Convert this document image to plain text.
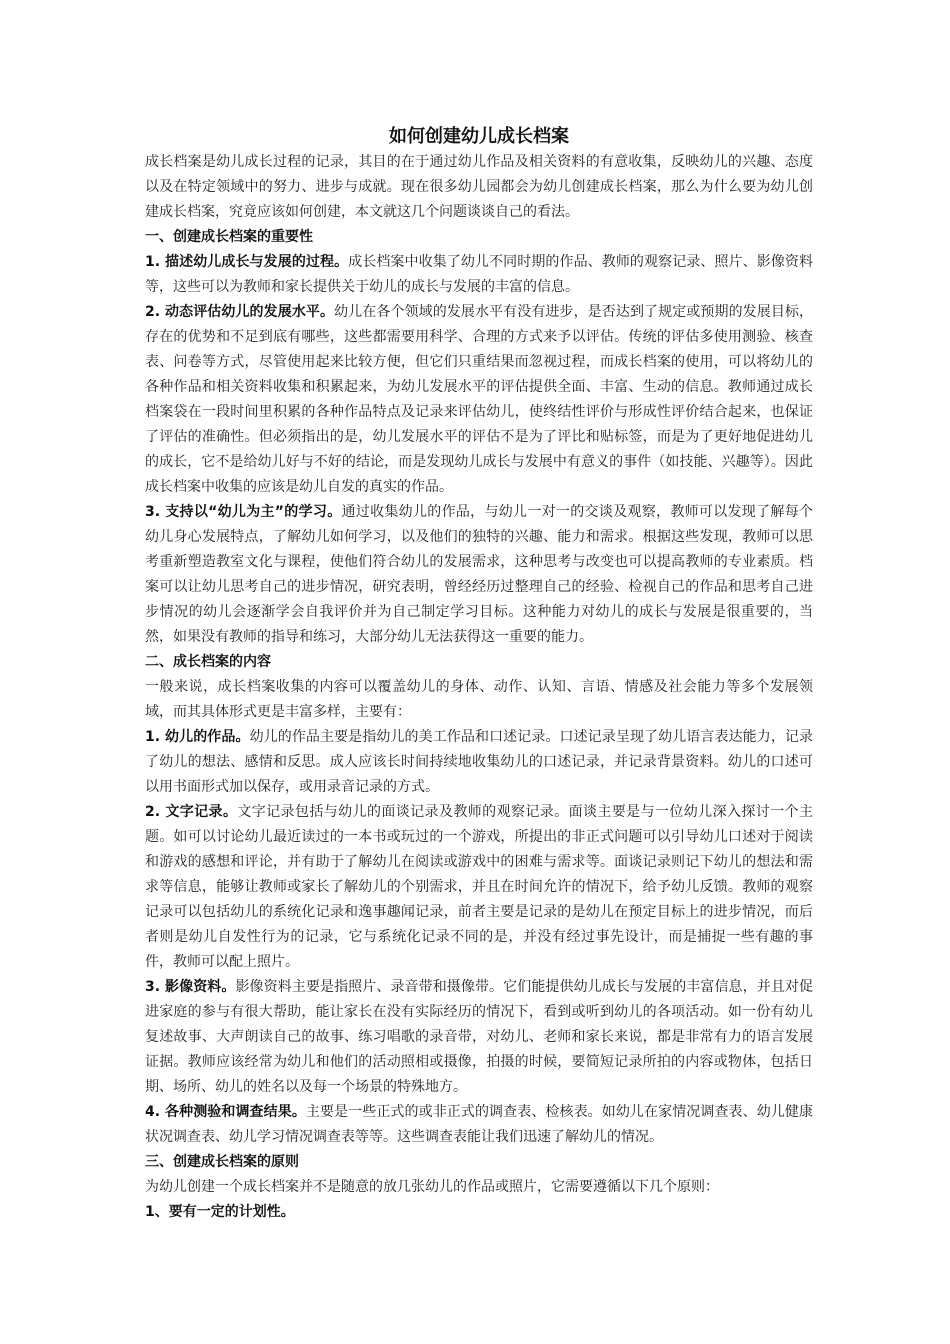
如何创建幼儿成长档案

成长档案是幼儿成长过程的记录，其目的在于通过幼儿作品及相关资料的有意收集，反映幼儿的兴趣、态度以及在特定领域中的努力、进步与成就。现在很多幼儿园都会为幼儿创建成长档案，那么为什么要为幼儿创建成长档案，究竟应该如何创建，本文就这几个问题谈谈自己的看法。

一、创建成长档案的重要性

1. 描述幼儿成长与发展的过程。成长档案中收集了幼儿不同时期的作品、教师的观察记录、照片、影像资料等，这些可以为教师和家长提供关于幼儿的成长与发展的丰富的信息。

2. 动态评估幼儿的发展水平。幼儿在各个领域的发展水平有没有进步，是否达到了规定或预期的发展目标，存在的优势和不足到底有哪些，这些都需要用科学、合理的方式来予以评估。传统的评估多使用测验、核查表、问卷等方式，尽管使用起来比较方便，但它们只重结果而忽视过程，而成长档案的使用，可以将幼儿的各种作品和相关资料收集和积累起来，为幼儿发展水平的评估提供全面、丰富、生动的信息。教师通过成长档案袋在一段时间里积累的各种作品特点及记录来评估幼儿，使终结性评价与形成性评价结合起来，也保证了评估的准确性。但必须指出的是，幼儿发展水平的评估不是为了评比和贴标签，而是为了更好地促进幼儿的成长，它不是给幼儿好与不好的结论，而是发现幼儿成长与发展中有意义的事件（如技能、兴趣等）。因此成长档案中收集的应该是幼儿自发的真实的作品。

3. 支持以“幼儿为主”的学习。通过收集幼儿的作品，与幼儿一对一的交谈及观察，教师可以发现了解每个幼儿身心发展特点，了解幼儿如何学习，以及他们的独特的兴趣、能力和需求。根据这些发现，教师可以思考重新塑造教室文化与课程，使他们符合幼儿的发展需求，这种思考与改变也可以提高教师的专业素质。档案可以让幼儿思考自己的进步情况，研究表明，曾经经历过整理自己的经验、检视自己的作品和思考自己进步情况的幼儿会逐渐学会自我评价并为自己制定学习目标。这种能力对幼儿的成长与发展是很重要的，当然，如果没有教师的指导和练习，大部分幼儿无法获得这一重要的能力。

二、成长档案的内容

一般来说，成长档案收集的内容可以覆盖幼儿的身体、动作、认知、言语、情感及社会能力等多个发展领域，而其具体形式更是丰富多样，主要有：

1. 幼儿的作品。幼儿的作品主要是指幼儿的美工作品和口述记录。口述记录呈现了幼儿语言表达能力，记录了幼儿的想法、感情和反思。成人应该长时间持续地收集幼儿的口述记录，并记录背景资料。幼儿的口述可以用书面形式加以保存，或用录音记录的方式。

2. 文字记录。文字记录包括与幼儿的面谈记录及教师的观察记录。面谈主要是与一位幼儿深入探讨一个主题。如可以讨论幼儿最近读过的一本书或玩过的一个游戏，所提出的非正式问题可以引导幼儿口述对于阅读和游戏的感想和评论，并有助于了解幼儿在阅读或游戏中的困难与需求等。面谈记录则记下幼儿的想法和需求等信息，能够让教师或家长了解幼儿的个别需求，并且在时间允许的情况下，给予幼儿反馈。教师的观察记录可以包括幼儿的系统化记录和逸事趣闻记录，前者主要是记录的是幼儿在预定目标上的进步情况，而后者则是幼儿自发性行为的记录，它与系统化记录不同的是，并没有经过事先设计，而是捕捉一些有趣的事件，教师可以配上照片。

3. 影像资料。影像资料主要是指照片、录音带和摄像带。它们能提供幼儿成长与发展的丰富信息，并且对促进家庭的参与有很大帮助，能让家长在没有实际经历的情况下，看到或听到幼儿的各项活动。如一份有幼儿复述故事、大声朗读自己的故事、练习唱歌的录音带，对幼儿、老师和家长来说，都是非常有力的语言发展证据。教师应该经常为幼儿和他们的活动照相或摄像，拍摄的时候，要简短记录所拍的内容或物体，包括日期、场所、幼儿的姓名以及每一个场景的特殊地方。

4. 各种测验和调查结果。主要是一些正式的或非正式的调查表、检核表。如幼儿在家情况调查表、幼儿健康状况调查表、幼儿学习情况调查表等等。这些调查表能让我们迅速了解幼儿的情况。

三、创建成长档案的原则

为幼儿创建一个成长档案并不是随意的放几张幼儿的作品或照片，它需要遵循以下几个原则：

1、要有一定的计划性。
